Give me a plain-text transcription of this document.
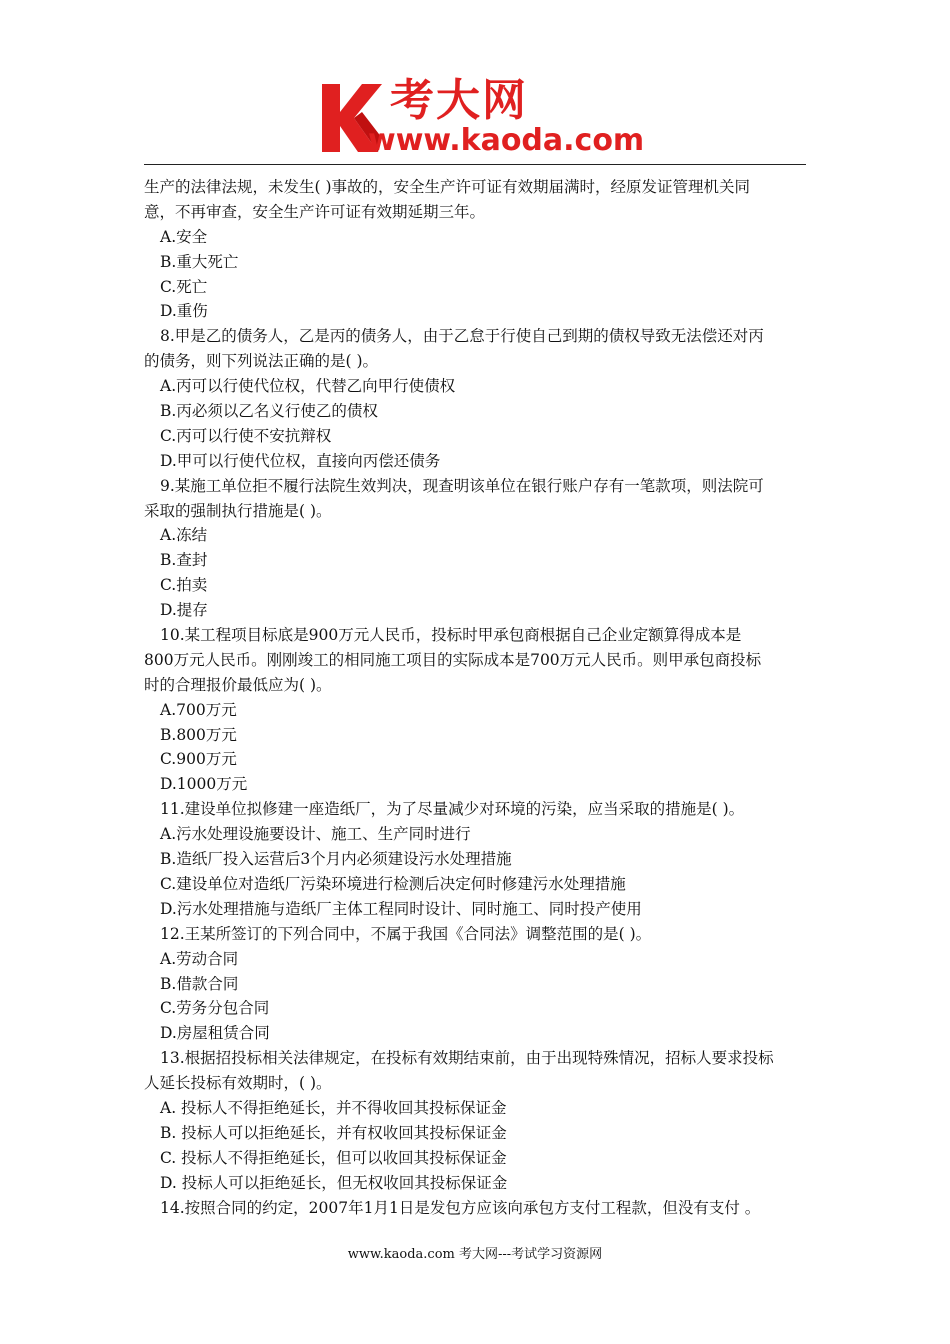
考大网
www.kaoda.com
生产的法律法规，未发生( )事故的，安全生产许可证有效期届满时，经原发证管理机关同
意，不再审查，安全生产许可证有效期延期三年。
A.安全
B.重大死亡
C.死亡
D.重伤
8.甲是乙的债务人，乙是丙的债务人，由于乙怠于行使自己到期的债权导致无法偿还对丙
的债务，则下列说法正确的是( )。
A.丙可以行使代位权，代替乙向甲行使债权
B.丙必须以乙名义行使乙的债权
C.丙可以行使不安抗辩权
D.甲可以行使代位权，直接向丙偿还债务
9.某施工单位拒不履行法院生效判决，现查明该单位在银行账户存有一笔款项，则法院可
采取的强制执行措施是( )。
A.冻结
B.查封
C.拍卖
D.提存
10.某工程项目标底是900万元人民币，投标时甲承包商根据自己企业定额算得成本是
800万元人民币。刚刚竣工的相同施工项目的实际成本是700万元人民币。则甲承包商投标
时的合理报价最低应为( )。
A.700万元
B.800万元
C.900万元
D.1000万元
11.建设单位拟修建一座造纸厂，为了尽量减少对环境的污染，应当采取的措施是( )。
A.污水处理设施要设计、施工、生产同时进行
B.造纸厂投入运营后3个月内必须建设污水处理措施
C.建设单位对造纸厂污染环境进行检测后决定何时修建污水处理措施
D.污水处理措施与造纸厂主体工程同时设计、同时施工、同时投产使用
12.王某所签订的下列合同中，不属于我国《合同法》调整范围的是( )。
A.劳动合同
B.借款合同
C.劳务分包合同
D.房屋租赁合同
13.根据招投标相关法律规定，在投标有效期结束前，由于出现特殊情况，招标人要求投标
人延长投标有效期时，( )。
A. 投标人不得拒绝延长，并不得收回其投标保证金
B. 投标人可以拒绝延长，并有权收回其投标保证金
C. 投标人不得拒绝延长，但可以收回其投标保证金
D. 投标人可以拒绝延长，但无权收回其投标保证金
14.按照合同的约定，2007年1月1日是发包方应该向承包方支付工程款，但没有支付 。
www.kaoda.com 考大网---考试学习资源网
